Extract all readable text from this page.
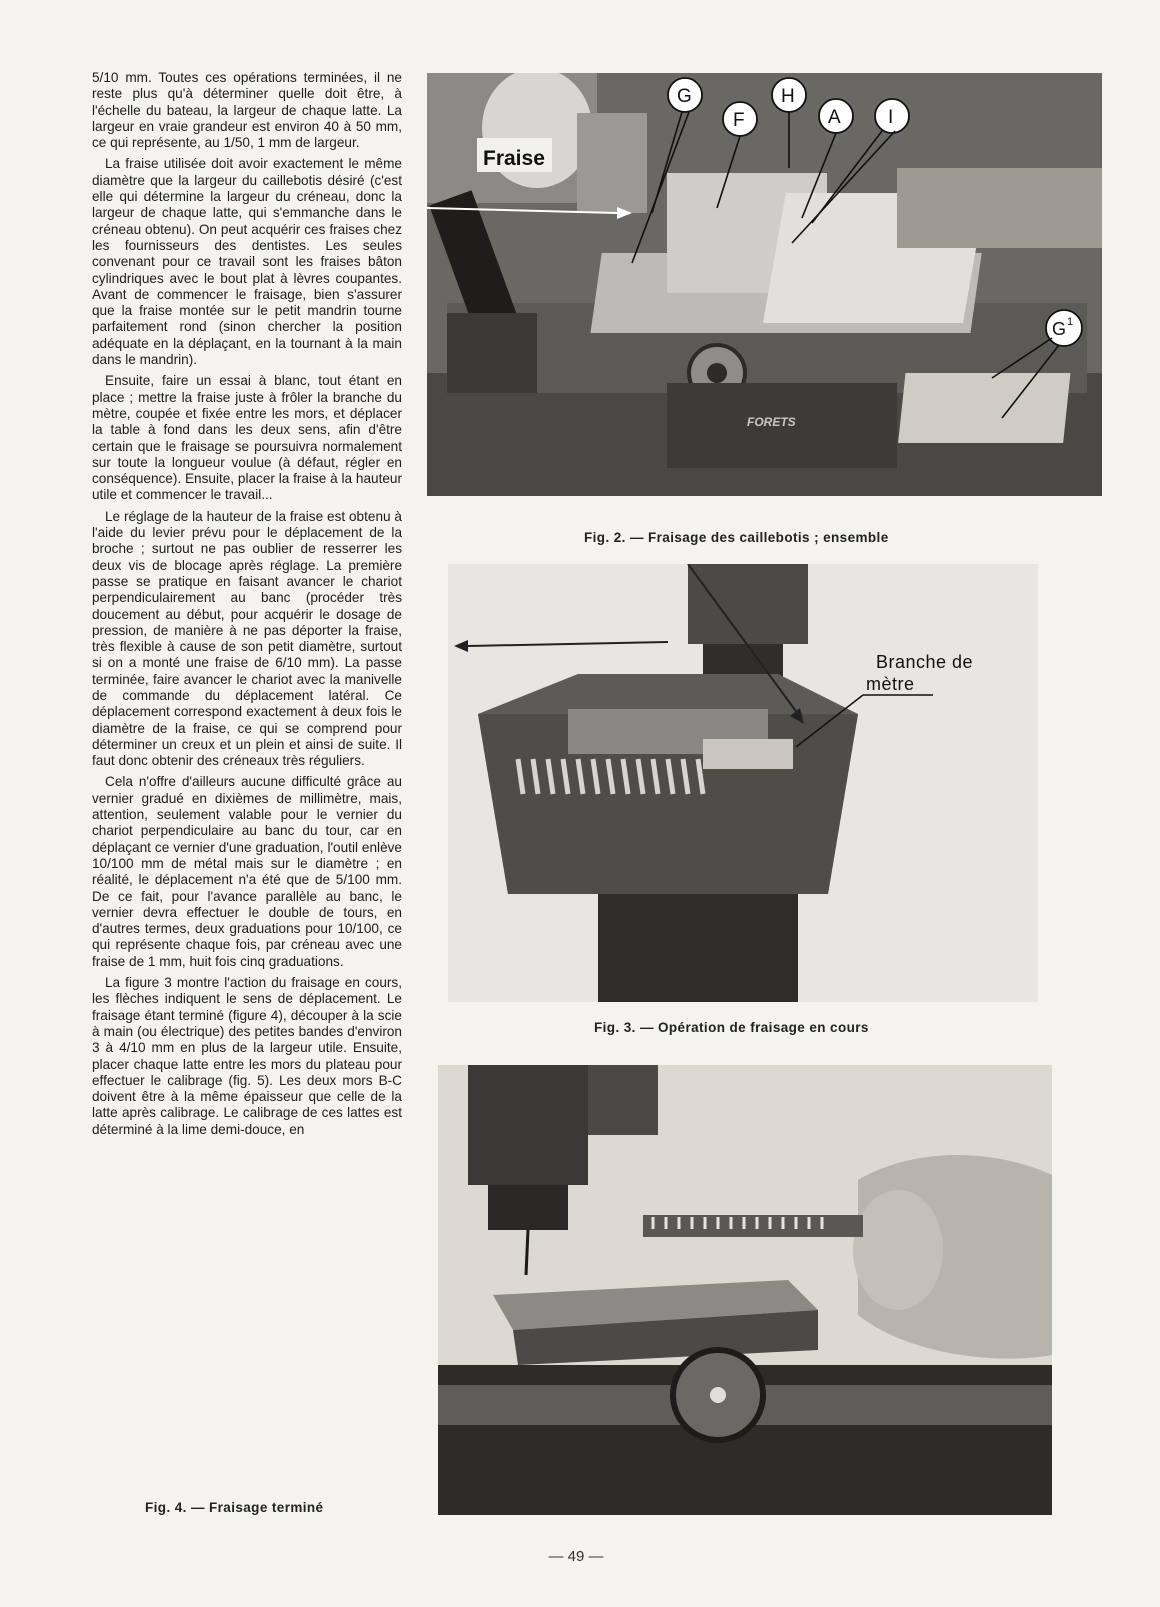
5/10 mm. Toutes ces opérations terminées, il ne reste plus qu'à déterminer quelle doit être, à l'échelle du bateau, la largeur de chaque latte. La largeur en vraie grandeur est environ 40 à 50 mm, ce qui représente, au 1/50, 1 mm de largeur.

La fraise utilisée doit avoir exactement le même diamètre que la largeur du caillebotis désiré (c'est elle qui détermine la largeur du créneau, donc la largeur de chaque latte, qui s'emmanche dans le créneau obtenu). On peut acquérir ces fraises chez les fournisseurs des dentistes. Les seules convenant pour ce travail sont les fraises bâton cylindriques avec le bout plat à lèvres coupantes. Avant de commencer le fraisage, bien s'assurer que la fraise montée sur le petit mandrin tourne parfaitement rond (sinon chercher la position adéquate en la déplaçant, en la tournant à la main dans le mandrin).

Ensuite, faire un essai à blanc, tout étant en place ; mettre la fraise juste à frôler la branche du mètre, coupée et fixée entre les mors, et déplacer la table à fond dans les deux sens, afin d'être certain que le fraisage se poursuivra normalement sur toute la longueur voulue (à défaut, régler en conséquence). Ensuite, placer la fraise à la hauteur utile et commencer le travail...

Le réglage de la hauteur de la fraise est obtenu à l'aide du levier prévu pour le déplacement de la broche ; surtout ne pas oublier de resserrer les deux vis de blocage après réglage. La première passe se pratique en faisant avancer le chariot perpendiculairement au banc (procéder très doucement au début, pour acquérir le dosage de pression, de manière à ne pas déporter la fraise, très flexible à cause de son petit diamètre, surtout si on a monté une fraise de 6/10 mm). La passe terminée, faire avancer le chariot avec la manivelle de commande du déplacement latéral. Ce déplacement correspond exactement à deux fois le diamètre de la fraise, ce qui se comprend pour déterminer un creux et un plein et ainsi de suite. Il faut donc obtenir des créneaux très réguliers.

Cela n'offre d'ailleurs aucune difficulté grâce au vernier gradué en dixièmes de millimètre, mais, attention, seulement valable pour le vernier du chariot perpendiculaire au banc du tour, car en déplaçant ce vernier d'une graduation, l'outil enlève 10/100 mm de métal mais sur le diamètre ; en réalité, le déplacement n'a été que de 5/100 mm. De ce fait, pour l'avance parallèle au banc, le vernier devra effectuer le double de tours, en d'autres termes, deux graduations pour 10/100, ce qui représente chaque fois, par créneau avec une fraise de 1 mm, huit fois cinq graduations.

La figure 3 montre l'action du fraisage en cours, les flèches indiquent le sens de déplacement. Le fraisage étant terminé (figure 4), découper à la scie à main (ou électrique) des petites bandes d'environ 3 à 4/10 mm en plus de la largeur utile. Ensuite, placer chaque latte entre les mors du plateau pour effectuer le calibrage (fig. 5). Les deux mors B-C doivent être à la même épaisseur que celle de la latte après calibrage. Le calibrage de ces lattes est déterminé à la lime demi-douce, en

FORETS
Fraise
G
F
H
A I
G 1
Fig. 2. — Fraisage des caillebotis ; ensemble
Branche de
mètre
Fig. 3. — Opération de fraisage en cours
Fig. 4. — Fraisage terminé
— 49 —
